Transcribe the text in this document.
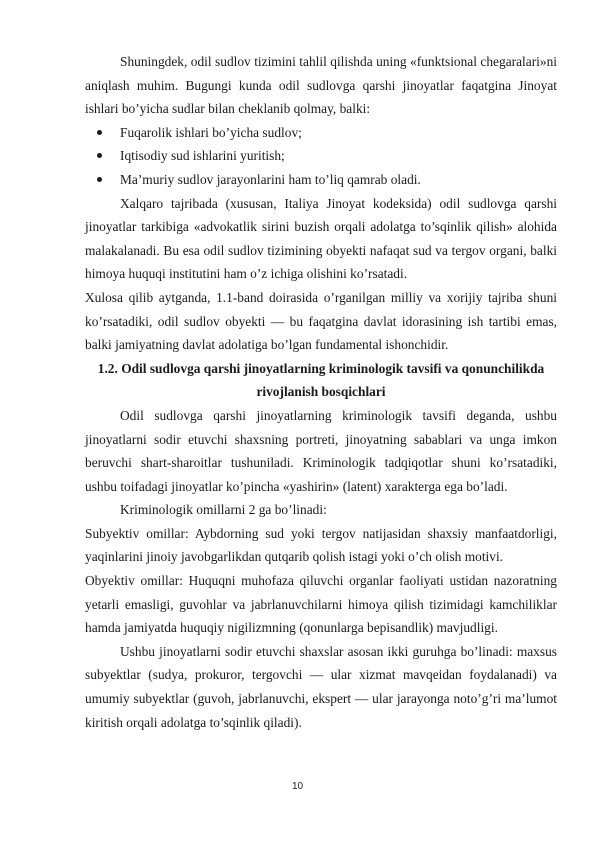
Shuningdek, odil sudlov tizimini tahlil qilishda uning «funktsional chegaralari»ni aniqlash muhim. Bugungi kunda odil sudlovga qarshi jinoyatlar faqatgina Jinoyat ishlari bo’yicha sudlar bilan cheklanib qolmay, balki:

Fuqarolik ishlari bo’yicha sudlov;
Iqtisodiy sud ishlarini yuritish;
Ma’muriy sudlov jarayonlarini ham to’liq qamrab oladi.

Xalqaro tajribada (xususan, Italiya Jinoyat kodeksida) odil sudlovga qarshi jinoyatlar tarkibiga «advokatlik sirini buzish orqali adolatga to’sqinlik qilish» alohida malakalanadi. Bu esa odil sudlov tizimining obyekti nafaqat sud va tergov organi, balki himoya huquqi institutini ham o’z ichiga olishini ko’rsatadi.

Xulosa qilib aytganda, 1.1-band doirasida o’rganilgan milliy va xorijiy tajriba shuni ko’rsatadiki, odil sudlov obyekti — bu faqatgina davlat idorasining ish tartibi emas, balki jamiyatning davlat adolatiga bo’lgan fundamental ishonchidir.

1.2. Odil sudlovga qarshi jinoyatlarning kriminologik tavsifi va qonunchilikda rivojlanish bosqichlari

Odil sudlovga qarshi jinoyatlarning kriminologik tavsifi deganda, ushbu jinoyatlarni sodir etuvchi shaxsning portreti, jinoyatning sabablari va unga imkon beruvchi shart-sharoitlar tushuniladi. Kriminologik tadqiqotlar shuni ko’rsatadiki, ushbu toifadagi jinoyatlar ko’pincha «yashirin» (latent) xarakterga ega bo’ladi.

Kriminologik omillarni 2 ga bo’linadi:

Subyektiv omillar: Aybdorning sud yoki tergov natijasidan shaxsiy manfaatdorligi, yaqinlarini jinoiy javobgarlikdan qutqarib qolish istagi yoki o’ch olish motivi.

Obyektiv omillar: Huquqni muhofaza qiluvchi organlar faoliyati ustidan nazoratning yetarli emasligi, guvohlar va jabrlanuvchilarni himoya qilish tizimidagi kamchiliklar hamda jamiyatda huquqiy nigilizmning (qonunlarga bepisandlik) mavjudligi.

Ushbu jinoyatlarni sodir etuvchi shaxslar asosan ikki guruhga bo’linadi: maxsus subyektlar (sudya, prokuror, tergovchi — ular xizmat mavqeidan foydalanadi) va umumiy subyektlar (guvoh, jabrlanuvchi, ekspert — ular jarayonga noto’g’ri ma’lumot kiritish orqali adolatga to’sqinlik qiladi).

10
